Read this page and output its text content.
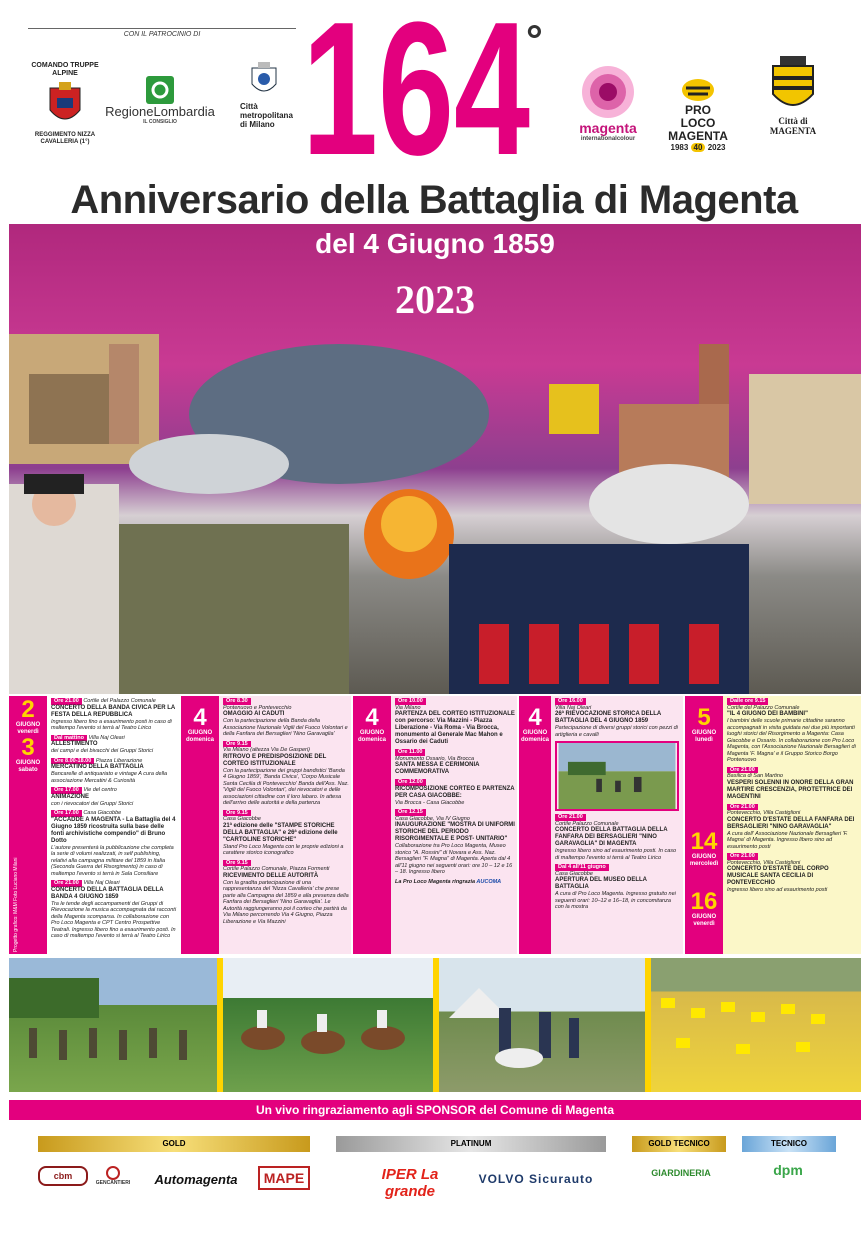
CON IL PATROCINIO DI
COMANDO TRUPPE ALPINE
REGGIMENTO NIZZA CAVALLERIA (1°)
RegioneLombardia
IL CONSIGLIO
Città metropolitana di Milano 164
°
magenta
internationalcolour
PRO LOCO MAGENTA
1983 40 2023
Città di MAGENTA
Anniversario della Battaglia di Magenta
del 4 Giugno 1859
2023
2
GIUGNO venerdì
3
GIUGNO sabato
Progetto grafico: M&M Foto Luciano Milani
Ore 21.00 Cortile del Palazzo Comunale
CONCERTO DELLA BANDA CIVICA PER LA FESTA DELLA REPUBBLICA
Ingresso libero fino a esaurimento posti in caso di maltempo l'evento si terrà al Teatro Lirico
Dal mattino Villa Naj Oleari
ALLESTIMENTO
dei campi e dei bivacchi dei Gruppi Storici
Ore 8.00-18.00 Piazza Liberazione
MERCATINO DELLA BATTAGLIA
Bancarelle di antiquariato e vintage A cura della associazione Mercatini & Curiosità
Ore 17.00 Vie del centro
ANIMAZIONE
con i rievocatori dei Gruppi Storici
Ore 17.00 Casa Giacobbe
"ACCADDE A MAGENTA - La Battaglia del 4 Giugno 1859 ricostruita sulla base delle fonti archivistiche compendio" di Bruno Dotto
L'autore presenterà la pubblicazione che completa la serie di volumi realizzati, in self publishing, relativi alla campagna militare del 1859 in Italia (Seconda Guerra del Risorgimento) in caso di maltempo l'evento si terrà in Sala Consiliare
Ore 21.00 Villa Naj Oleari
CONCERTO DELLA BATTAGLIA DELLA BANDA 4 GIUGNO 1859
Tra le tende degli accampamenti dei Gruppi di Rievocazione la musica accompagnata dai racconti della Magenta scomparsa. In collaborazione con Pro Loco Magenta e CPT Centro Prospettive Teatrali. Ingresso libero fino a esaurimento posti. In caso di maltempo l'evento si terrà al Teatro Lirico
4
GIUGNO domenica
Ore 8.30
Pontenuovo e Pontevecchio
OMAGGIO AI CADUTI
Con la partecipazione della Banda della Associazione Nazionale Vigili del Fuoco Volontari e della Fanfara dei Bersaglieri 'Nino Garavaglia'
Ore 9.15
Via Milano (altezza Via De Gasperi)
RITROVO E PREDISPOSIZIONE DEL CORTEO ISTITUZIONALE
Con la partecipazione dei gruppi bandistici 'Banda 4 Giugno 1859', 'Banda Civica', 'Corpo Musicale Santa Cecilia di Pontevecchio' Banda dell'Ass. Naz. 'Vigili del Fuoco Volontari', dei rievocatori e delle associazioni cittadine con il loro labaro. In attesa dell'arrivo delle autorità e della partenza
Ore 9.15
Casa Giacobbe
21ª edizione delle "STAMPE STORICHE DELLA BATTAGLIA" e 26ª edizione delle "CARTOLINE STORICHE"
Stand Pro Loco Magenta con le proprie edizioni a carattere storico iconografico
Ore 9.15
Cortile Palazzo Comunale, Piazza Formenti
RICEVIMENTO DELLE AUTORITÀ
Con la gradita partecipazione di una rappresentanza del 'Nizza Cavalleria' che prese parte alla Campagna del 1859 e alla presenza della Fanfara dei Bersaglieri 'Nino Garavaglia'. Le Autorità raggiungeranno poi il corteo che partirà da Via Milano percorrendo Via 4 Giugno, Piazza Liberazione e Via Mazzini
4
GIUGNO domenica
Ore 10.00
Via Milano
PARTENZA DEL CORTEO ISTITUZIONALE con percorso: Via Mazzini - Piazza Liberazione - Via Roma - Via Brocca, monumento al Generale Mac Mahon e Ossario dei Caduti
Ore 11.00
Monumento Ossario, Via Brocca
SANTA MESSA E CERIMONIA COMMEMORATIVA
Ore 12.00
RICOMPOSIZIONE CORTEO E PARTENZA PER CASA GIACOBBE:
Via Brocca - Casa Giacobbe
Ore 12.15
Casa Giacobbe, Via IV Giugno
INAUGURAZIONE "MOSTRA DI UNIFORMI STORICHE DEL PERIODO RISORGIMENTALE E POST- UNITARIO"
Collaborazione tra Pro Loco Magenta, Museo storico "A. Rossini" di Novara e Ass. Naz. Bersaglieri "F. Magna" di Magenta. Aperta dal 4 all'11 giugno nei seguenti orari: ore 10 – 12 e 16 – 18. Ingresso libero
La Pro Loco Magenta ringrazia AUCOMA
4
GIUGNO domenica
Ore 16.00
Villa Naj Oleari
26ª RIEVOCAZIONE STORICA DELLA BATTAGLIA DEL 4 GIUGNO 1859
Partecipazione di diversi gruppi storici con pezzi di artiglieria e cavalli
Ore 21.00
Cortile Palazzo Comunale
CONCERTO DELLA BATTAGLIA DELLA FANFARA DEI BERSAGLIERI "NINO GARAVAGLIA" DI MAGENTA
Ingresso libero sino ad esaurimento posti. In caso di maltempo l'evento si terrà al Teatro Lirico
Dal 4 all'11 giugno
Casa Giacobbe
APERTURA DEL MUSEO DELLA BATTAGLIA
A cura di Pro Loco Magenta. Ingresso gratuito nei seguenti orari: 10–12 e 16–18, in concomitanza con la mostra
5
GIUGNO lunedì
14
GIUGNO mercoledì
16
GIUGNO venerdì
Dalle ore 9.15
Cortile del Palazzo Comunale
"IL 4 GIUGNO DEI BAMBINI"
I bambini delle scuole primarie cittadine saranno accompagnati in visita guidata nei due più importanti luoghi storici del Risorgimento a Magenta: Casa Giacobbe e Ossario. In collaborazione con Pro Loco Magenta, con l'Associazione Nazionale Bersaglieri di Magenta 'F. Magna' e il Gruppo Storico Borgo Pontenuovo
Ore 21.00
Basilica di San Martino
VESPERI SOLENNI IN ONORE DELLA GRAN MARTIRE CRESCENZIA, PROTETTRICE DEI MAGENTINI
Ore 21.00
Pontevecchio, Villa Castiglioni
CONCERTO D'ESTATE DELLA FANFARA DEI BERSAGLIERI "NINO GARAVAGLIA"
A cura dell' Associazione Nazionale Bersaglieri 'F. Magna' di Magenta. Ingresso libero sino ad esaurimento posti
Ore 21.00
Pontevecchio, Villa Castiglioni
CONCERTO D'ESTATE DEL CORPO MUSICALE SANTA CECILIA DI PONTEVECCHIO
Ingresso libero sino ad esaurimento posti
Un vivo ringraziamento agli SPONSOR del Comune di Magenta
GOLD	PLATINUM	GOLD TECNICO	TECNICO
cbm
GENCANTIERI	Automagenta	MAPE	IPER La grande
VOLVO Sicurauto	GIARDINERIA	dpm
